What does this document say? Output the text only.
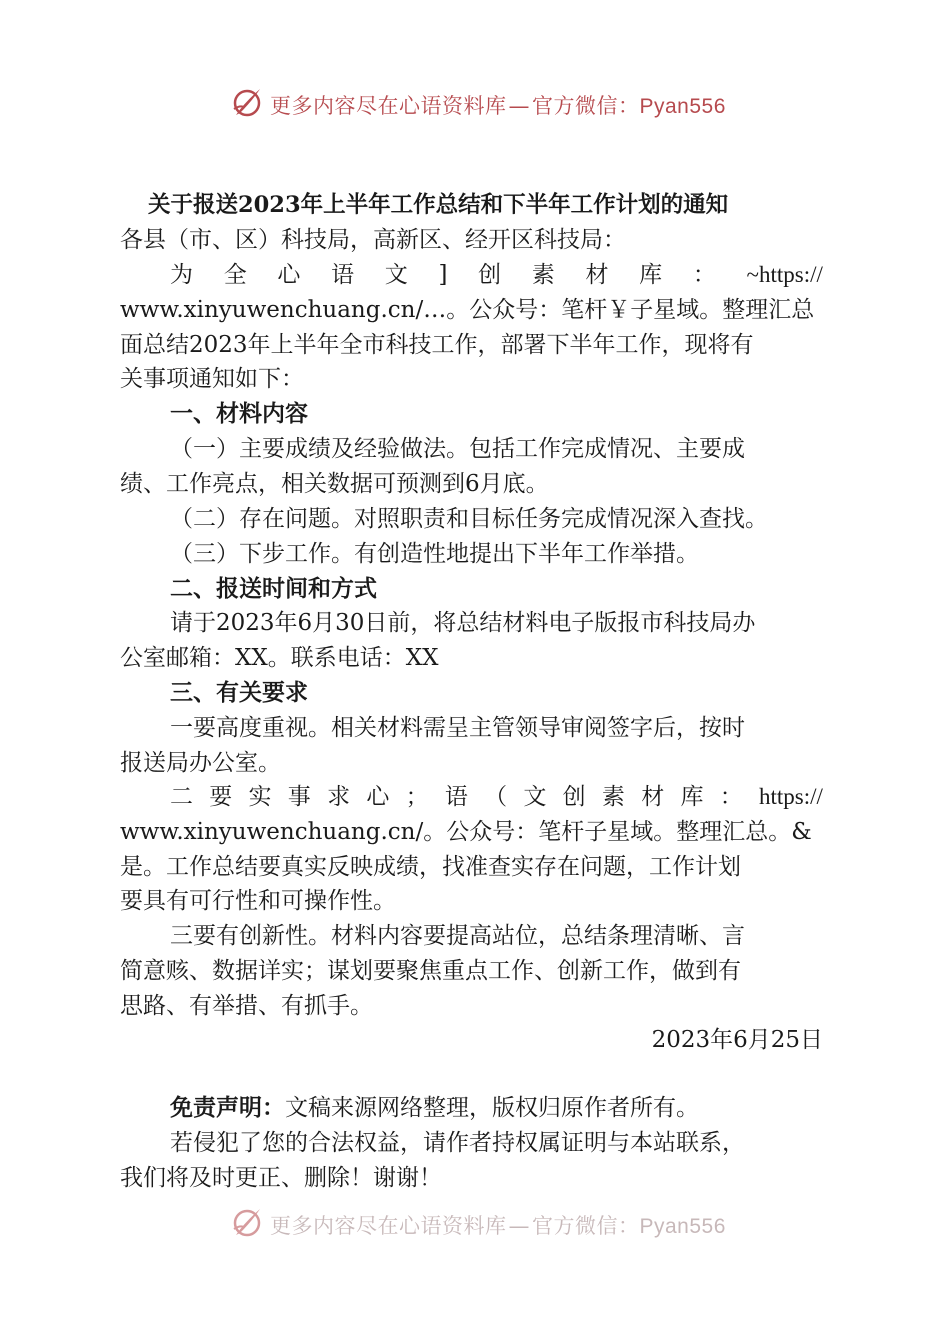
更多内容尽在心语资料库—官方微信：Pyan556
关于报送2023年上半年工作总结和下半年工作计划的通知
各县（市、区）科技局，高新区、经开区科技局：
为 全 心 语 文 ] 创 素 材 库 ： ~https://
www.xinyuwenchuang.cn/…。公众号：笔杆￥子星域。整理汇总
面总结2023年上半年全市科技工作，部署下半年工作，现将有
关事项通知如下：
一、材料内容
（一）主要成绩及经验做法。包括工作完成情况、主要成
绩、工作亮点，相关数据可预测到6月底。
（二）存在问题。对照职责和目标任务完成情况深入查找。
（三）下步工作。有创造性地提出下半年工作举措。
二、报送时间和方式
请于2023年6月30日前，将总结材料电子版报市科技局办
公室邮箱：XX。联系电话：XX
三、有关要求
一要高度重视。相关材料需呈主管领导审阅签字后，按时
报送局办公室。
二 要 实 事 求 心 ； 语 （ 文 创 素 材 库 ： https://
www.xinyuwenchuang.cn/。公众号：笔杆子星域。整理汇总。&
是。工作总结要真实反映成绩，找准查实存在问题，工作计划
要具有可行性和可操作性。
三要有创新性。材料内容要提高站位，总结条理清晰、言
简意赅、数据详实；谋划要聚焦重点工作、创新工作，做到有
思路、有举措、有抓手。
2023年6月25日
免责声明：文稿来源网络整理，版权归原作者所有。
若侵犯了您的合法权益，请作者持权属证明与本站联系，
我们将及时更正、删除！谢谢！
更多内容尽在心语资料库—官方微信：Pyan556
